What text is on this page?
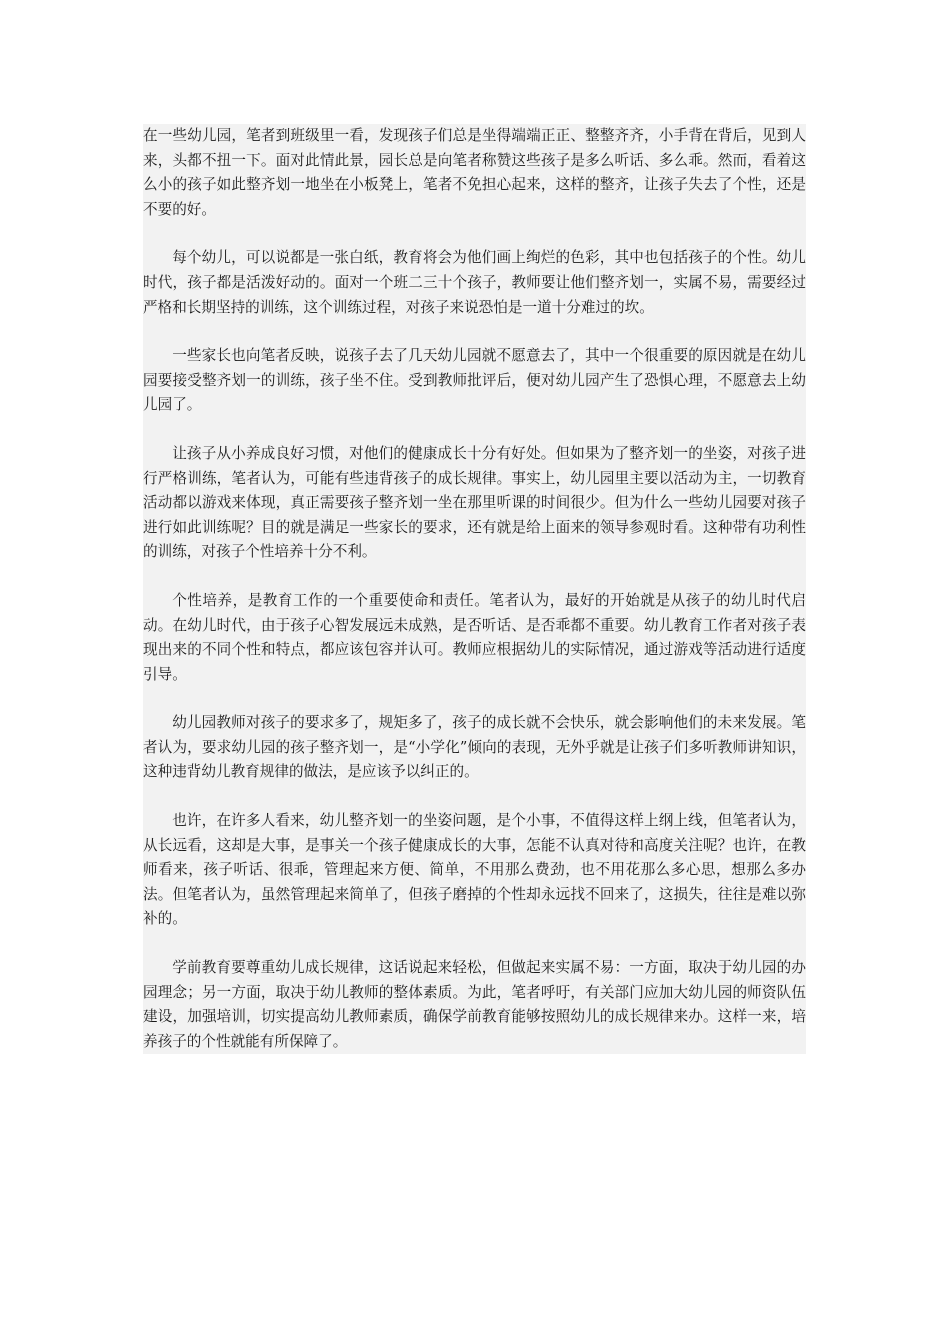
在一些幼儿园，笔者到班级里一看，发现孩子们总是坐得端端正正、整整齐齐，小手背在背后，见到人来，头都不扭一下。面对此情此景，园长总是向笔者称赞这些孩子是多么听话、多么乖。然而，看着这么小的孩子如此整齐划一地坐在小板凳上，笔者不免担心起来，这样的整齐，让孩子失去了个性，还是不要的好。

每个幼儿，可以说都是一张白纸，教育将会为他们画上绚烂的色彩，其中也包括孩子的个性。幼儿时代，孩子都是活泼好动的。面对一个班二三十个孩子，教师要让他们整齐划一，实属不易，需要经过严格和长期坚持的训练，这个训练过程，对孩子来说恐怕是一道十分难过的坎。

一些家长也向笔者反映，说孩子去了几天幼儿园就不愿意去了，其中一个很重要的原因就是在幼儿园要接受整齐划一的训练，孩子坐不住。受到教师批评后，便对幼儿园产生了恐惧心理，不愿意去上幼儿园了。

让孩子从小养成良好习惯，对他们的健康成长十分有好处。但如果为了整齐划一的坐姿，对孩子进行严格训练，笔者认为，可能有些违背孩子的成长规律。事实上，幼儿园里主要以活动为主，一切教育活动都以游戏来体现，真正需要孩子整齐划一坐在那里听课的时间很少。但为什么一些幼儿园要对孩子进行如此训练呢？目的就是满足一些家长的要求，还有就是给上面来的领导参观时看。这种带有功利性的训练，对孩子个性培养十分不利。

个性培养，是教育工作的一个重要使命和责任。笔者认为，最好的开始就是从孩子的幼儿时代启动。在幼儿时代，由于孩子心智发展远未成熟，是否听话、是否乖都不重要。幼儿教育工作者对孩子表现出来的不同个性和特点，都应该包容并认可。教师应根据幼儿的实际情况，通过游戏等活动进行适度引导。

幼儿园教师对孩子的要求多了，规矩多了，孩子的成长就不会快乐，就会影响他们的未来发展。笔者认为，要求幼儿园的孩子整齐划一，是“小学化”倾向的表现，无外乎就是让孩子们多听教师讲知识，这种违背幼儿教育规律的做法，是应该予以纠正的。

也许，在许多人看来，幼儿整齐划一的坐姿问题，是个小事，不值得这样上纲上线，但笔者认为，从长远看，这却是大事，是事关一个孩子健康成长的大事，怎能不认真对待和高度关注呢？也许，在教师看来，孩子听话、很乖，管理起来方便、简单，不用那么费劲，也不用花那么多心思，想那么多办法。但笔者认为，虽然管理起来简单了，但孩子磨掉的个性却永远找不回来了，这损失，往往是难以弥补的。

学前教育要尊重幼儿成长规律，这话说起来轻松，但做起来实属不易：一方面，取决于幼儿园的办园理念；另一方面，取决于幼儿教师的整体素质。为此，笔者呼吁，有关部门应加大幼儿园的师资队伍建设，加强培训，切实提高幼儿教师素质，确保学前教育能够按照幼儿的成长规律来办。这样一来，培养孩子的个性就能有所保障了。
